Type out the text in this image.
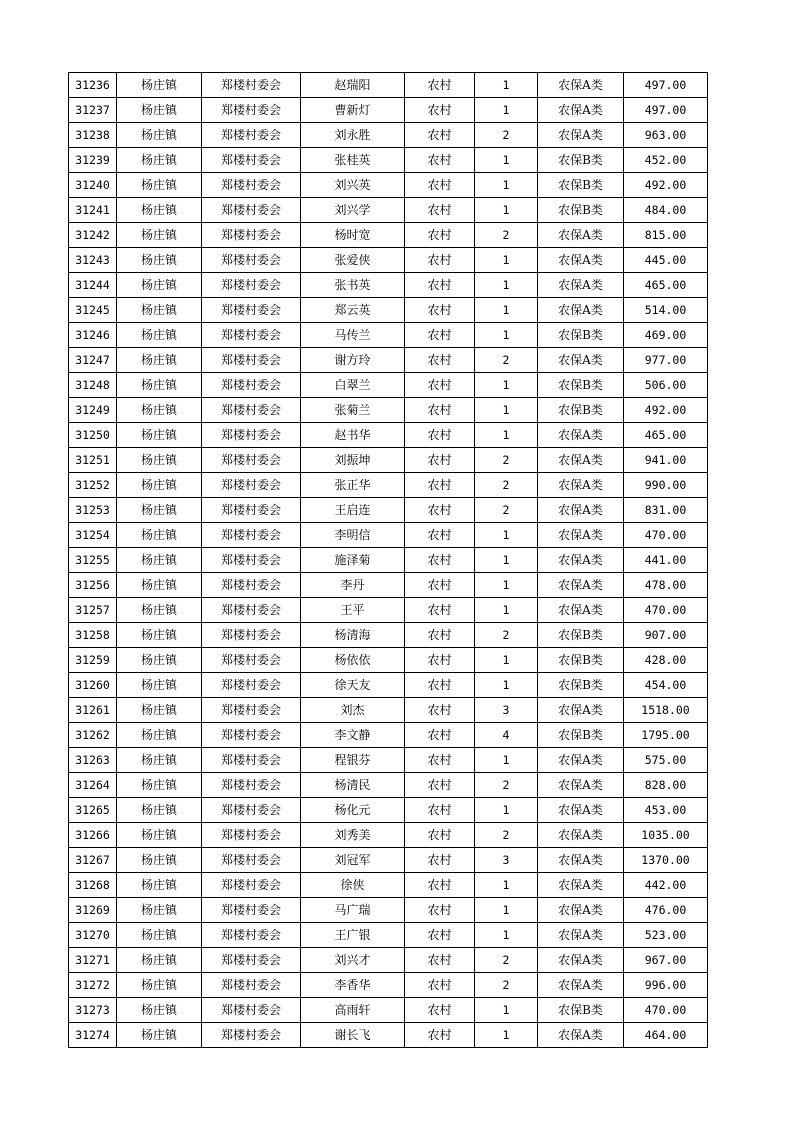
31236	杨庄镇	郑楼村委会	赵瑞阳	农村	1	农保A类	497.00
31237	杨庄镇	郑楼村委会	曹新灯	农村	1	农保A类	497.00
31238	杨庄镇	郑楼村委会	刘永胜	农村	2	农保A类	963.00
31239	杨庄镇	郑楼村委会	张桂英	农村	1	农保B类	452.00
31240	杨庄镇	郑楼村委会	刘兴英	农村	1	农保B类	492.00
31241	杨庄镇	郑楼村委会	刘兴学	农村	1	农保B类	484.00
31242	杨庄镇	郑楼村委会	杨时宽	农村	2	农保A类	815.00
31243	杨庄镇	郑楼村委会	张爱侠	农村	1	农保A类	445.00
31244	杨庄镇	郑楼村委会	张书英	农村	1	农保A类	465.00
31245	杨庄镇	郑楼村委会	郑云英	农村	1	农保A类	514.00
31246	杨庄镇	郑楼村委会	马传兰	农村	1	农保B类	469.00
31247	杨庄镇	郑楼村委会	谢方玲	农村	2	农保A类	977.00
31248	杨庄镇	郑楼村委会	白翠兰	农村	1	农保B类	506.00
31249	杨庄镇	郑楼村委会	张菊兰	农村	1	农保B类	492.00
31250	杨庄镇	郑楼村委会	赵书华	农村	1	农保A类	465.00
31251	杨庄镇	郑楼村委会	刘振坤	农村	2	农保A类	941.00
31252	杨庄镇	郑楼村委会	张正华	农村	2	农保A类	990.00
31253	杨庄镇	郑楼村委会	王启连	农村	2	农保A类	831.00
31254	杨庄镇	郑楼村委会	李明信	农村	1	农保A类	470.00
31255	杨庄镇	郑楼村委会	施泽菊	农村	1	农保A类	441.00
31256	杨庄镇	郑楼村委会	李丹	农村	1	农保A类	478.00
31257	杨庄镇	郑楼村委会	王平	农村	1	农保A类	470.00
31258	杨庄镇	郑楼村委会	杨清海	农村	2	农保B类	907.00
31259	杨庄镇	郑楼村委会	杨依依	农村	1	农保B类	428.00
31260	杨庄镇	郑楼村委会	徐天友	农村	1	农保B类	454.00
31261	杨庄镇	郑楼村委会	刘杰	农村	3	农保A类	1518.00
31262	杨庄镇	郑楼村委会	李文静	农村	4	农保B类	1795.00
31263	杨庄镇	郑楼村委会	程银芬	农村	1	农保A类	575.00
31264	杨庄镇	郑楼村委会	杨清民	农村	2	农保A类	828.00
31265	杨庄镇	郑楼村委会	杨化元	农村	1	农保A类	453.00
31266	杨庄镇	郑楼村委会	刘秀美	农村	2	农保A类	1035.00
31267	杨庄镇	郑楼村委会	刘冠军	农村	3	农保A类	1370.00
31268	杨庄镇	郑楼村委会	徐侠	农村	1	农保A类	442.00
31269	杨庄镇	郑楼村委会	马广瑞	农村	1	农保A类	476.00
31270	杨庄镇	郑楼村委会	王广银	农村	1	农保A类	523.00
31271	杨庄镇	郑楼村委会	刘兴才	农村	2	农保A类	967.00
31272	杨庄镇	郑楼村委会	李香华	农村	2	农保A类	996.00
31273	杨庄镇	郑楼村委会	高雨轩	农村	1	农保B类	470.00
31274	杨庄镇	郑楼村委会	谢长飞	农村	1	农保A类	464.00
